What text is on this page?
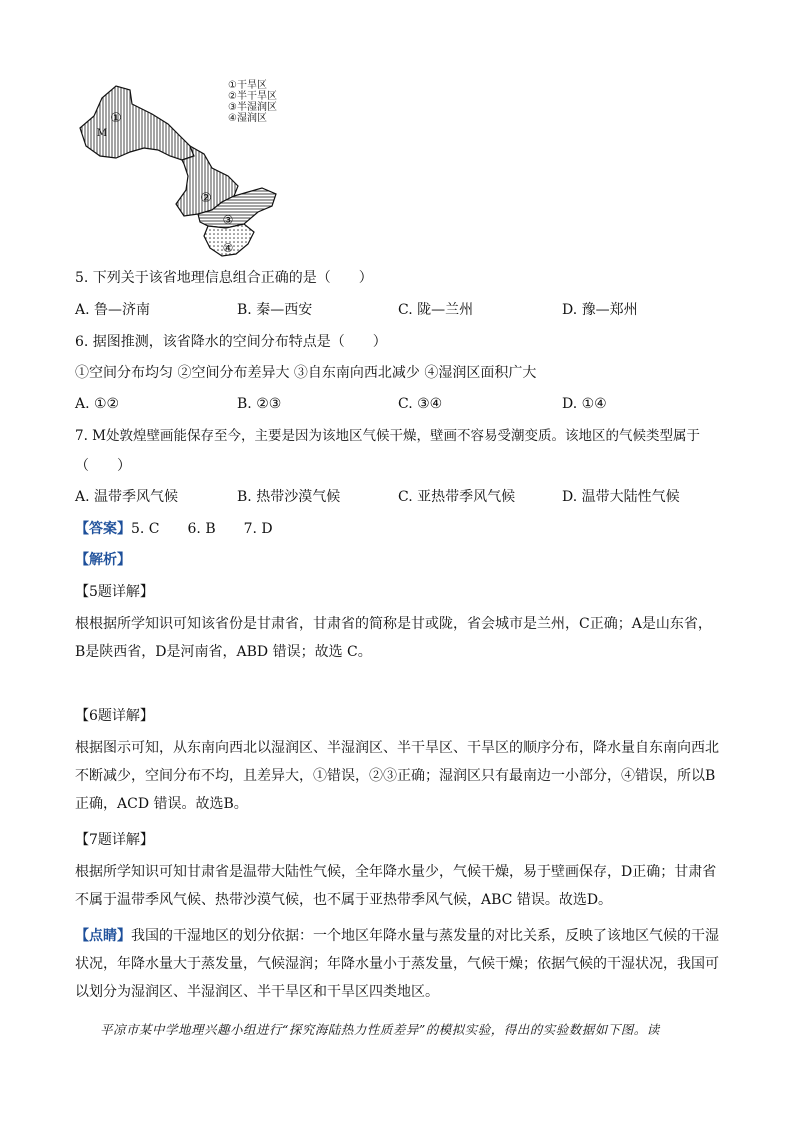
①
M
②
③
④
①干旱区
②半干旱区
③半湿润区
④湿润区
5. 下列关于该省地理信息组合正确的是（　　）
A. 鲁—济南	B. 秦—西安	C. 陇—兰州	D. 豫—郑州
6. 据图推测，该省降水的空间分布特点是（　　）
①空间分布均匀 ②空间分布差异大 ③自东南向西北减少 ④湿润区面积广大
A. ①②	B. ②③	C. ③④	D. ①④
7. M处敦煌壁画能保存至今，主要是因为该地区气候干燥，壁画不容易受潮变质。该地区的气候类型属于
（　　）
A. 温带季风气候	B. 热带沙漠气候	C. 亚热带季风气候	D. 温带大陆性气候
【答案】5. C　　6. B　　7. D
【解析】
【5题详解】
根根据所学知识可知该省份是甘肃省，甘肃省的简称是甘或陇，省会城市是兰州，C正确；A是山东省，B是陕西省，D是河南省，ABD 错误；故选 C。
【6题详解】
根据图示可知，从东南向西北以湿润区、半湿润区、半干旱区、干旱区的顺序分布，降水量自东南向西北不断减少，空间分布不均，且差异大，①错误，②③正确；湿润区只有最南边一小部分，④错误，所以B 正确，ACD 错误。故选B。
【7题详解】
根据所学知识可知甘肃省是温带大陆性气候，全年降水量少，气候干燥，易于壁画保存，D正确；甘肃省不属于温带季风气候、热带沙漠气候，也不属于亚热带季风气候，ABC 错误。故选D。
【点睛】我国的干湿地区的划分依据：一个地区年降水量与蒸发量的对比关系，反映了该地区气候的干湿状况，年降水量大于蒸发量，气候湿润；年降水量小于蒸发量，气候干燥；依据气候的干湿状况，我国可以划分为湿润区、半湿润区、半干旱区和干旱区四类地区。
平凉市某中学地理兴趣小组进行“探究海陆热力性质差异”的模拟实验，得出的实验数据如下图。读
